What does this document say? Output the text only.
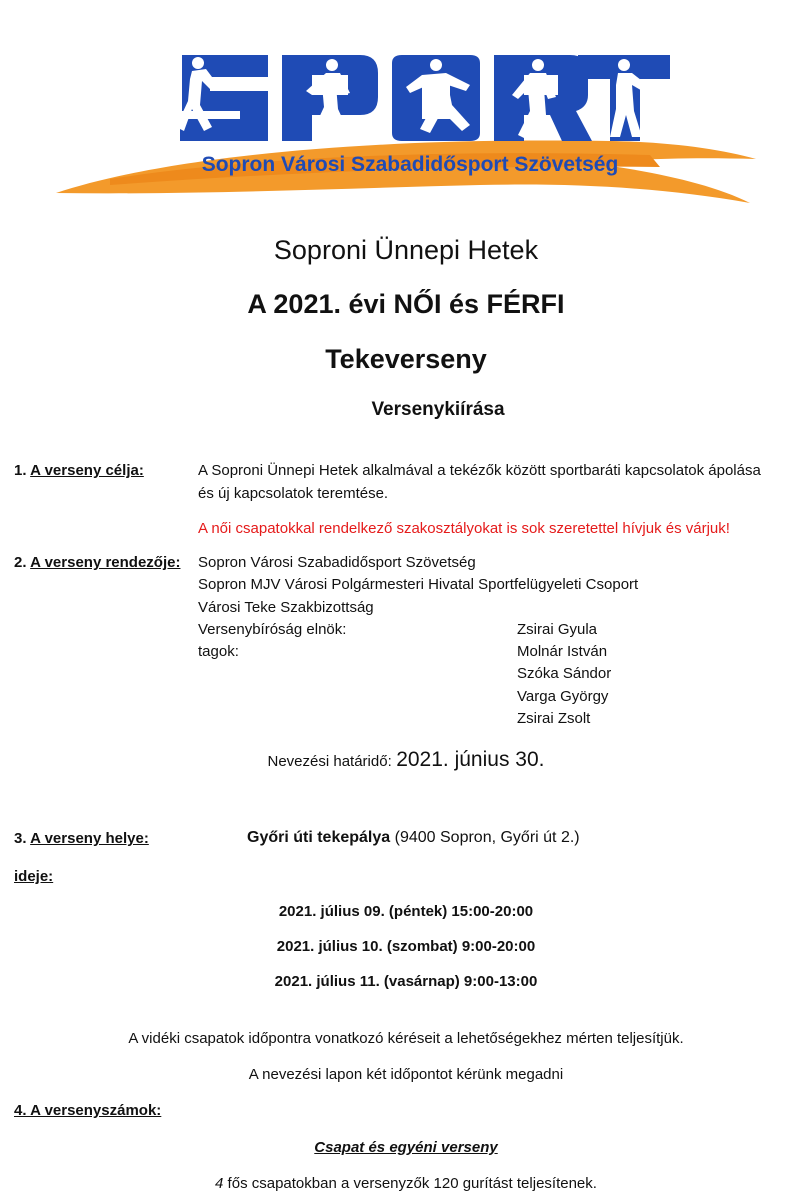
Sopron Városi Szabadidősport Szövetség
Soproni Ünnepi Hetek
A 2021. évi NŐI és FÉRFI
Tekeverseny
Versenykiírása
1. A verseny célja:	A Soproni Ünnepi Hetek alkalmával a tekézők között sportbaráti kapcsolatok ápolása
és új kapcsolatok teremtése.
A női csapatokkal rendelkező szakosztályokat is sok szeretettel hívjuk és várjuk!
2. A verseny rendezője: Sopron Városi Szabadidősport Szövetség
Sopron MJV Városi Polgármesteri Hivatal Sportfelügyeleti Csoport
Városi Teke Szakbizottság
Versenybíróság elnök:
tagok:
Zsirai Gyula
Molnár István
Szóka Sándor
Varga György
Zsirai Zsolt
Nevezési határidő: 2021. június 30.
3. A verseny helye:	Győri úti tekepálya (9400 Sopron, Győri út 2.)
ideje:
2021. július 09. (péntek) 15:00-20:00
2021. július 10. (szombat) 9:00-20:00
2021. július 11. (vasárnap) 9:00-13:00
A vidéki csapatok időpontra vonatkozó kéréseit a lehetőségekhez mérten teljesítjük.
A nevezési lapon két időpontot kérünk megadni
4. A versenyszámok:
Csapat és egyéni verseny
4 fős csapatokban a versenyzők 120 gurítást teljesítenek.
